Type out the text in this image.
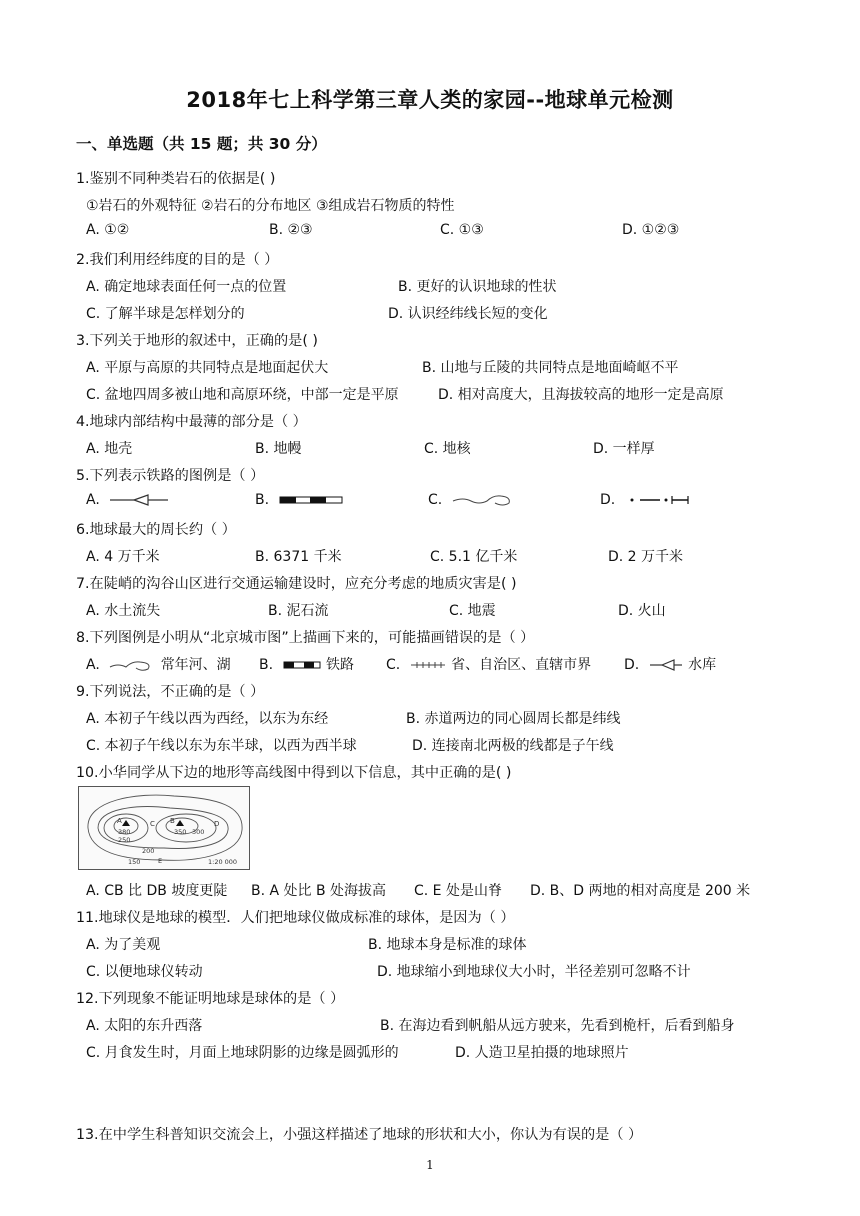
2018年七上科学第三章人类的家园--地球单元检测
一、单选题（共 15 题；共 30 分）
1.鉴别不同种类岩石的依据是( )
①岩石的外观特征 ②岩石的分布地区 ③组成岩石物质的特性
A. ①②	B. ②③	C. ①③	D. ①②③
2.我们利用经纬度的目的是（ ）
A. 确定地球表面任何一点的位置	B. 更好的认识地球的性状
C. 了解半球是怎样划分的	D. 认识经纬线长短的变化
3.下列关于地形的叙述中，正确的是( )
A. 平原与高原的共同特点是地面起伏大	B. 山地与丘陵的共同特点是地面崎岖不平
C. 盆地四周多被山地和高原环绕，中部一定是平原	D. 相对高度大，且海拔较高的地形一定是高原
4.地球内部结构中最薄的部分是（ ）
A. 地壳	B. 地幔	C. 地核	D. 一样厚
5.下列表示铁路的图例是（ ）
A.	B.	C.	D.
6.地球最大的周长约（ ）
A. 4 万千米	B. 6371 千米	C. 5.1 亿千米	D. 2 万千米
7.在陡峭的沟谷山区进行交通运输建设时，应充分考虑的地质灾害是( )
A. 水土流失	B. 泥石流	C. 地震	D. 火山
8.下列图例是小明从“北京城市图”上描画下来的，可能描画错误的是（ ）
A.	常年河、湖 B.	铁路 C.	省、自治区、直辖市界 D.	水库
9.下列说法，不正确的是（ ）
A. 本初子午线以西为西经，以东为东经	B. 赤道两边的同心圆周长都是纬线
C. 本初子午线以东为东半球，以西为西半球	D. 连接南北两极的线都是子午线
10.小华同学从下边的地形等高线图中得到以下信息，其中正确的是( )
A	B
C	D
E
380
250
350 300
200
150	1:20 000
A. CB 比 DB 坡度更陡 B. A 处比 B 处海拔高 C. E 处是山脊 D. B、D 两地的相对高度是 200 米
11.地球仪是地球的模型．人们把地球仪做成标准的球体，是因为（ ）
A. 为了美观	B. 地球本身是标准的球体
C. 以便地球仪转动	D. 地球缩小到地球仪大小时，半径差别可忽略不计
12.下列现象不能证明地球是球体的是（ ）
A. 太阳的东升西落	B. 在海边看到帆船从远方驶来，先看到桅杆，后看到船身
C. 月食发生时，月面上地球阴影的边缘是圆弧形的	D. 人造卫星拍摄的地球照片
13.在中学生科普知识交流会上，小强这样描述了地球的形状和大小，你认为有误的是（ ）
1
